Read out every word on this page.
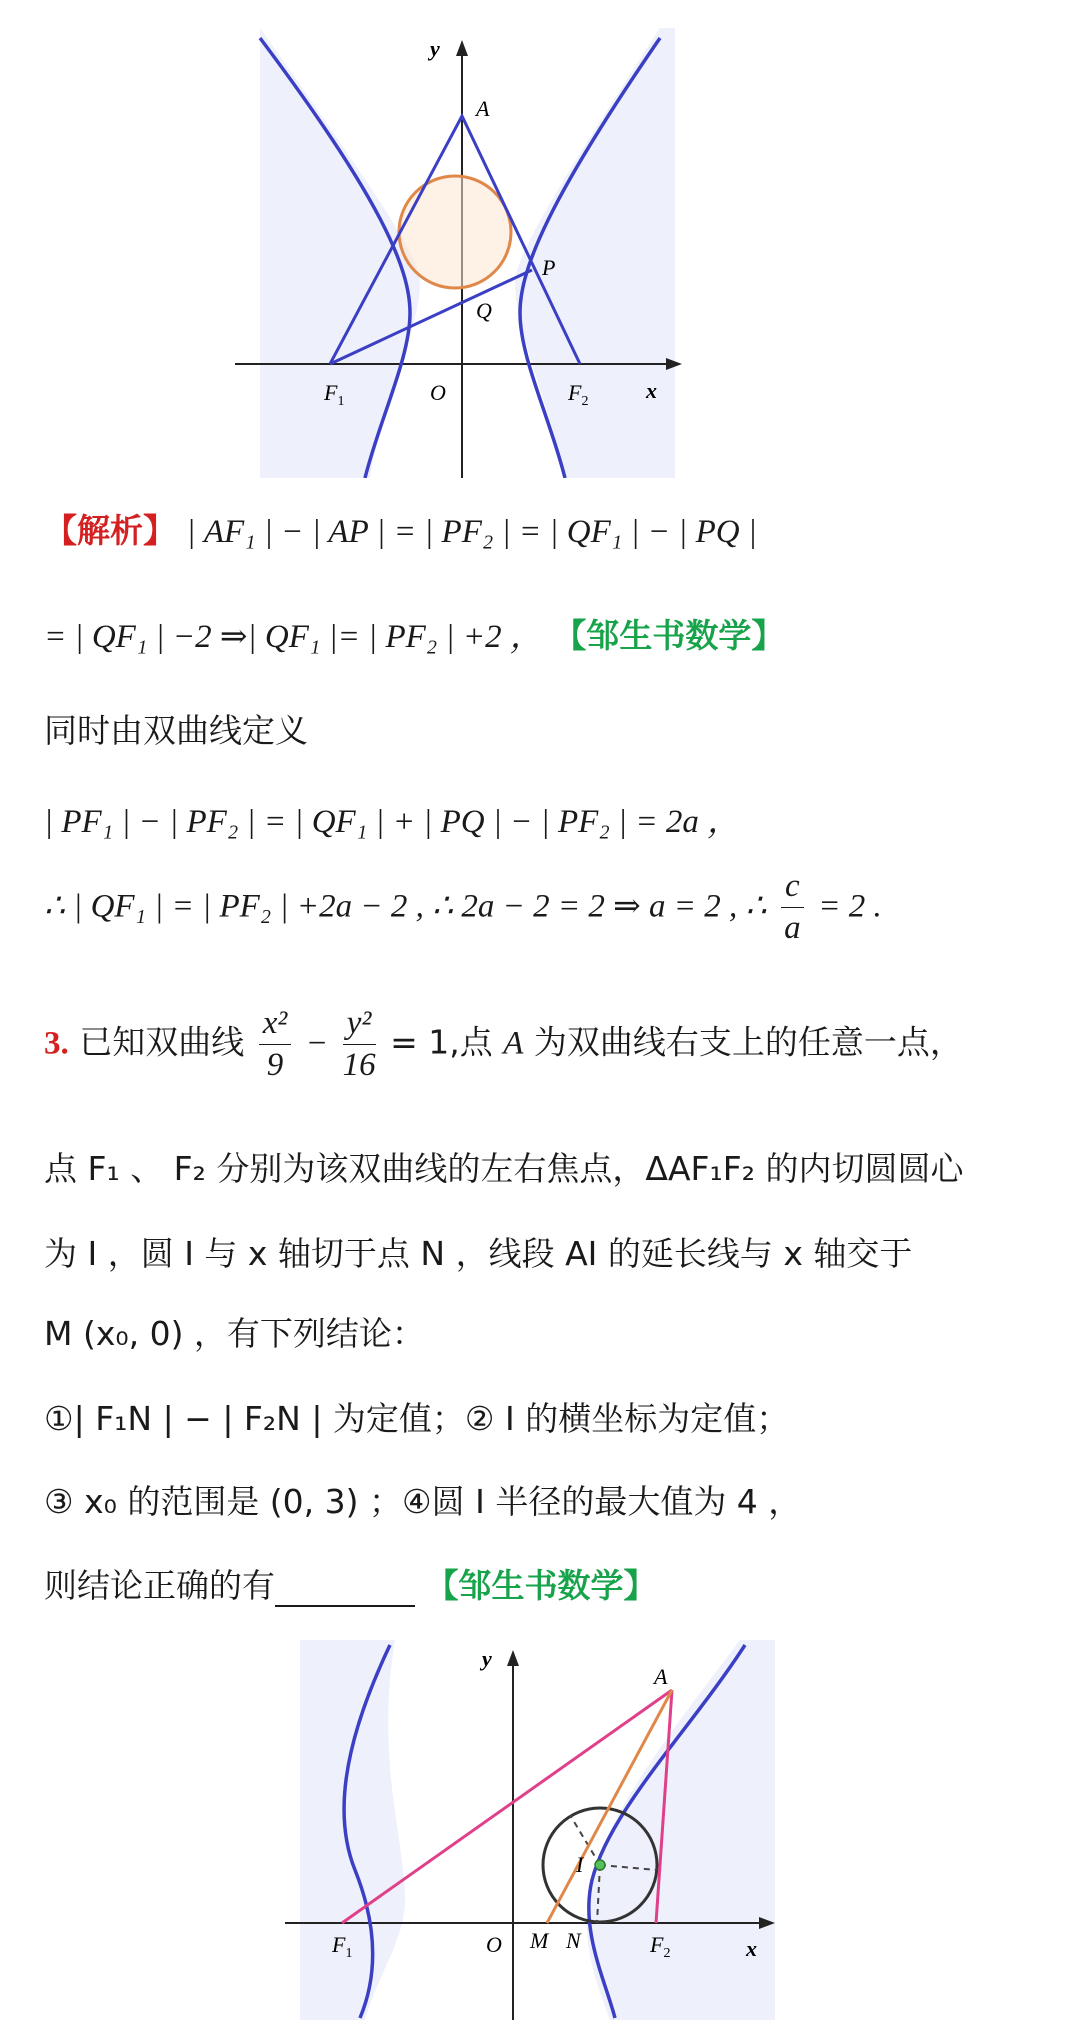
y
A
P
Q
$F_1$	O	$F_2$	x
【解析】 | AF₁ | − | AP | = | PF₂ | = | QF₁ | − | PQ |
= | QF₁ | −2 ⇒| QF₁ |= | PF₂ | +2 ， 【邹生书数学】
同时由双曲线定义
| PF₁ | − | PF₂ | = | QF₁ | + | PQ | − | PF₂ | = 2a ，
∴ | QF₁ | = | PF₂ | +2a − 2 , ∴ 2a − 2 = 2 ⇒ a = 2 , ∴ $\frac{c}{a} = 2$ .
3. 已知双曲线 $\frac{\text{x²}}{9} - \frac{\text{y²}}{16} = 1$,点 A 为双曲线右支上的任意一点，
点 F₁ 、 F₂ 分别为该双曲线的左右焦点，ΔAF₁F₂ 的内切圆圆心
为 I ，圆 I 与 x 轴切于点 N ，线段 AI 的延长线与 x 轴交于
M (x₀, 0) ，有下列结论：
①| F₁N | − | F₂N | 为定值；② I 的横坐标为定值；
③ x₀ 的范围是 (0, 3) ；④圆 I 半径的最大值为 4 ，
则结论正确的有	【邹生书数学】
y
A
I
$F_1$	O M N	$F_2$	x
